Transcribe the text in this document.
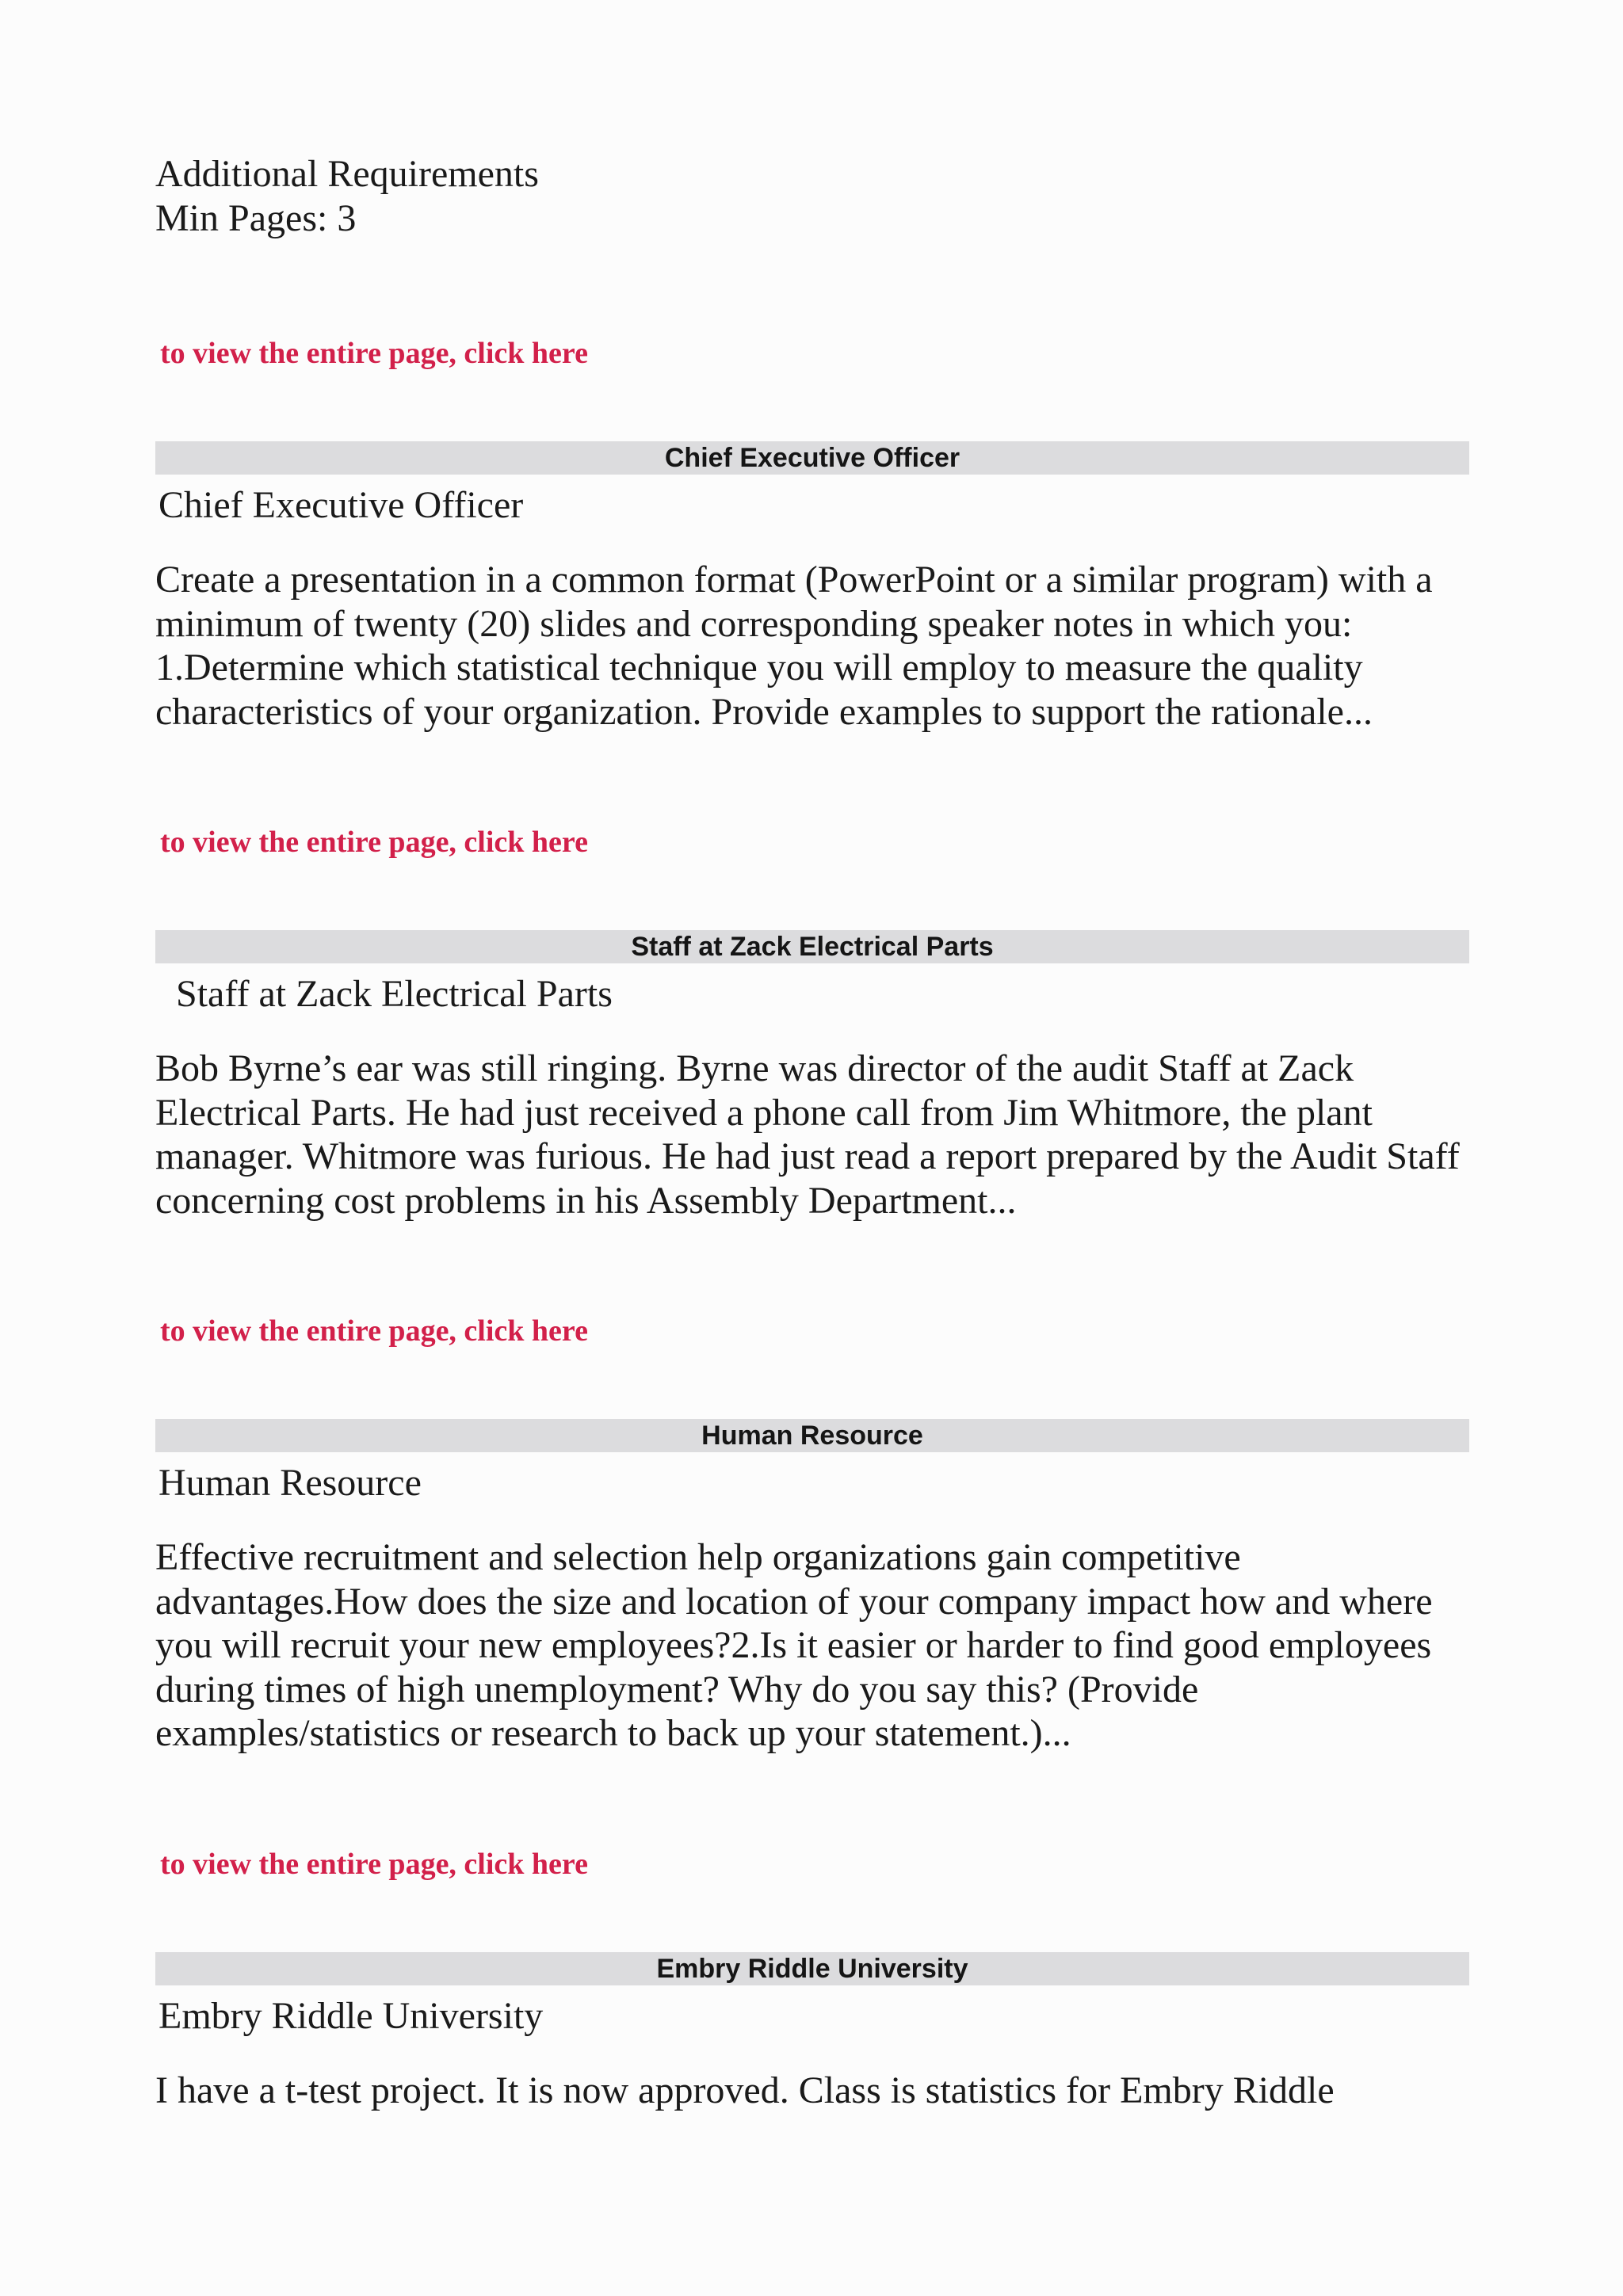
Additional Requirements
Min Pages: 3
to view the entire page, click here
Chief Executive Officer
Chief Executive Officer
Create a presentation in a common format (PowerPoint or a similar program) with a
minimum of twenty (20) slides and corresponding speaker notes in which you:
1.Determine which statistical technique you will employ to measure the quality
characteristics of your organization. Provide examples to support the rationale...
to view the entire page, click here
Staff at Zack Electrical Parts
Staff at Zack Electrical Parts
Bob Byrne’s ear was still ringing. Byrne was director of the audit Staff at Zack
Electrical Parts. He had just received a phone call from Jim Whitmore, the plant
manager. Whitmore was furious. He had just read a report prepared by the Audit Staff
concerning cost problems in his Assembly Department...
to view the entire page, click here
Human Resource
Human Resource
Effective recruitment and selection help organizations gain competitive
advantages.How does the size and location of your company impact how and where
you will recruit your new employees?2.Is it easier or harder to find good employees
during times of high unemployment? Why do you say this? (Provide
examples/statistics or research to back up your statement.)...
to view the entire page, click here
Embry Riddle University
Embry Riddle University
I have a t-test project. It is now approved. Class is statistics for Embry Riddle
